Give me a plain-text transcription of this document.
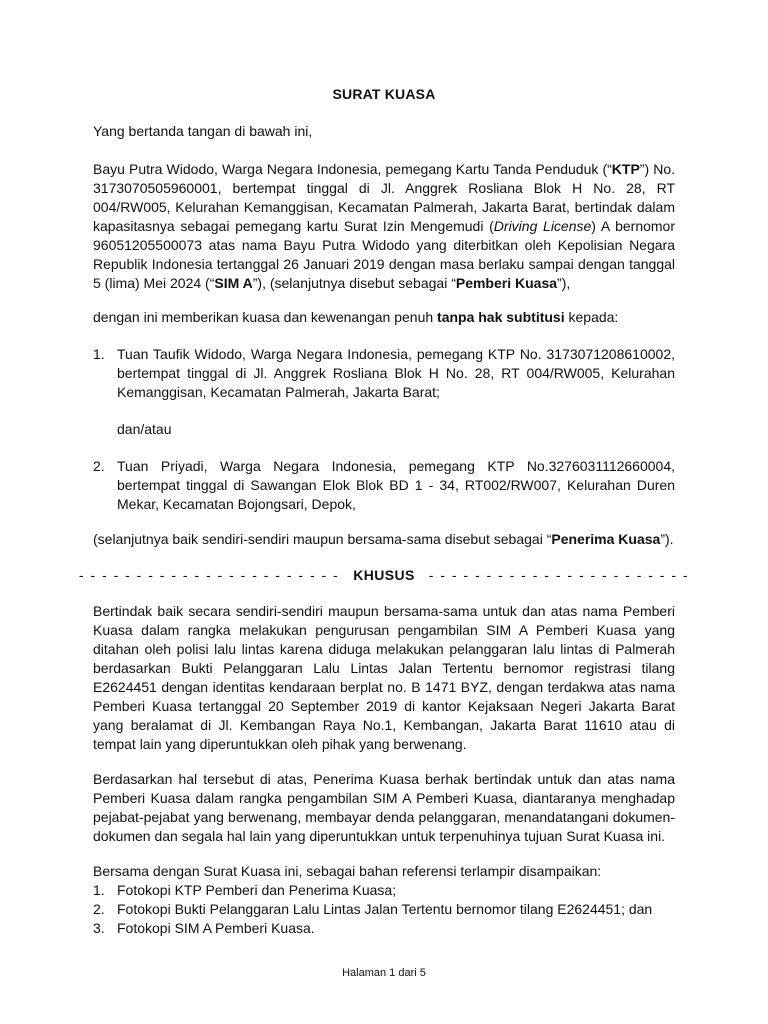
SURAT KUASA

Yang bertanda tangan di bawah ini,

Bayu Putra Widodo, Warga Negara Indonesia, pemegang Kartu Tanda Penduduk (“KTP”) No. 3173070505960001, bertempat tinggal di Jl. Anggrek Rosliana Blok H No. 28, RT 004/RW005, Kelurahan Kemanggisan, Kecamatan Palmerah, Jakarta Barat, bertindak dalam kapasitasnya sebagai pemegang kartu Surat Izin Mengemudi (Driving License) A bernomor 96051205500073 atas nama Bayu Putra Widodo yang diterbitkan oleh Kepolisian Negara Republik Indonesia tertanggal 26 Januari 2019 dengan masa berlaku sampai dengan tanggal 5 (lima) Mei 2024 (“SIM A”), (selanjutnya disebut sebagai “Pemberi Kuasa”),

dengan ini memberikan kuasa dan kewenangan penuh tanpa hak subtitusi kepada:

1. Tuan Taufik Widodo, Warga Negara Indonesia, pemegang KTP No. 3173071208610002, bertempat tinggal di Jl. Anggrek Rosliana Blok H No. 28, RT 004/RW005, Kelurahan Kemanggisan, Kecamatan Palmerah, Jakarta Barat;

dan/atau

2. Tuan Priyadi, Warga Negara Indonesia, pemegang KTP No.3276031112660004, bertempat tinggal di Sawangan Elok Blok BD 1 - 34, RT002/RW007, Kelurahan Duren Mekar, Kecamatan Bojongsari, Depok,

(selanjutnya baik sendiri-sendiri maupun bersama-sama disebut sebagai “Penerima Kuasa”).

- - - - - - - - - - - - - - - - - - - - - - - KHUSUS - - - - - - - - - - - - - - - - - - - - - - -

Bertindak baik secara sendiri-sendiri maupun bersama-sama untuk dan atas nama Pemberi Kuasa dalam rangka melakukan pengurusan pengambilan SIM A Pemberi Kuasa yang ditahan oleh polisi lalu lintas karena diduga melakukan pelanggaran lalu lintas di Palmerah berdasarkan Bukti Pelanggaran Lalu Lintas Jalan Tertentu bernomor registrasi tilang E2624451 dengan identitas kendaraan berplat no. B 1471 BYZ, dengan terdakwa atas nama Pemberi Kuasa tertanggal 20 September 2019 di kantor Kejaksaan Negeri Jakarta Barat yang beralamat di Jl. Kembangan Raya No.1, Kembangan, Jakarta Barat 11610 atau di tempat lain yang diperuntukkan oleh pihak yang berwenang.

Berdasarkan hal tersebut di atas, Penerima Kuasa berhak bertindak untuk dan atas nama Pemberi Kuasa dalam rangka pengambilan SIM A Pemberi Kuasa, diantaranya menghadap pejabat-pejabat yang berwenang, membayar denda pelanggaran, menandatangani dokumen-dokumen dan segala hal lain yang diperuntukkan untuk terpenuhinya tujuan Surat Kuasa ini.

Bersama dengan Surat Kuasa ini, sebagai bahan referensi terlampir disampaikan:

1. Fotokopi KTP Pemberi dan Penerima Kuasa;
2. Fotokopi Bukti Pelanggaran Lalu Lintas Jalan Tertentu bernomor tilang E2624451; dan
3. Fotokopi SIM A Pemberi Kuasa.
Halaman 1 dari 5
